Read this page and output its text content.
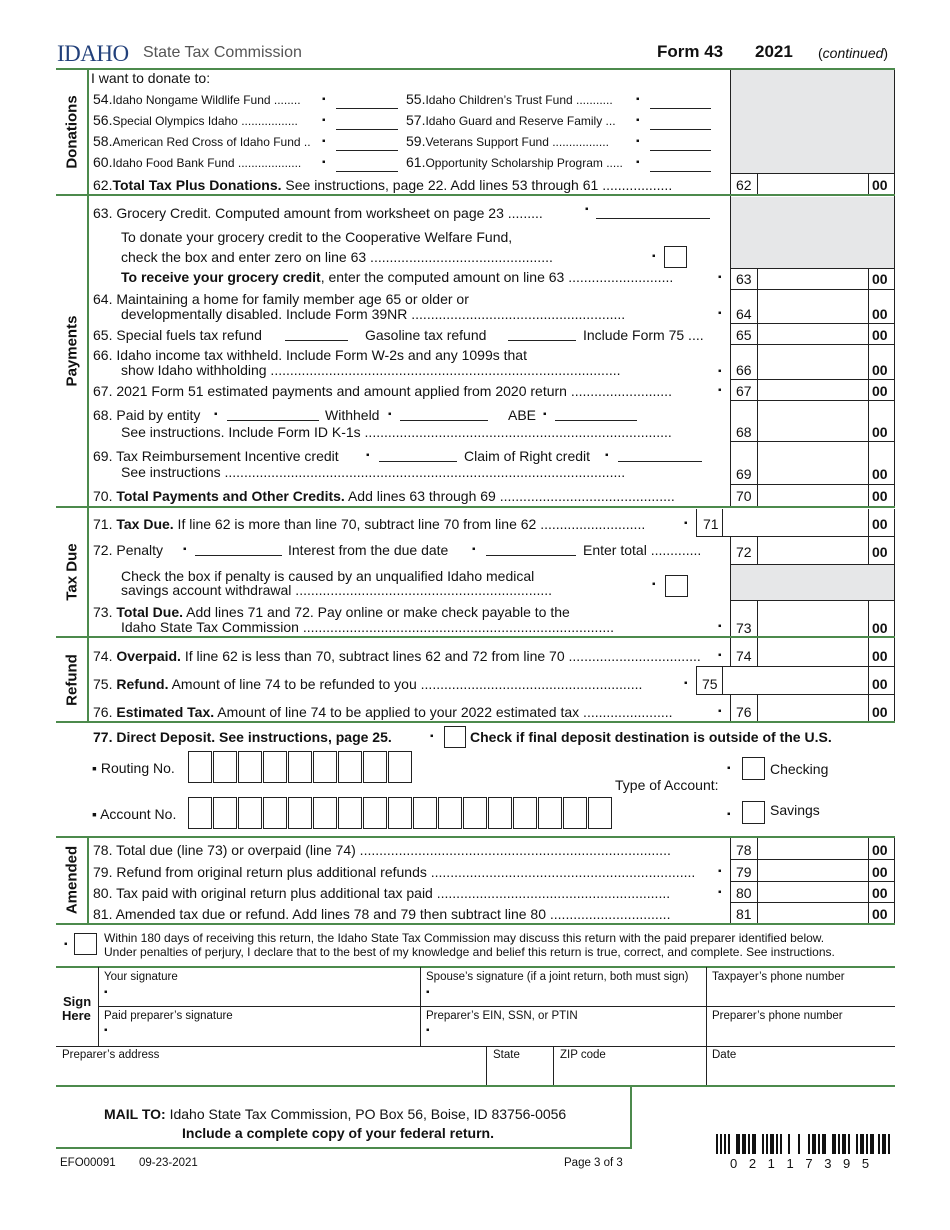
IDAHO State Tax Commission	Form 43 2021 (continued)
Donations
Payments
Tax Due
Refund
Amended
I want to donate to:
54.Idaho Nongame Wildlife Fund ........	55.Idaho Children’s Trust Fund ...........
56.Special Olympics Idaho .................	57.Idaho Guard and Reserve Family ...
58.American Red Cross of Idaho Fund ..	59.Veterans Support Fund .................
60.Idaho Food Bank Fund ...................	61.Opportunity Scholarship Program .....
▪	▪
▪	▪
▪	▪
▪	▪
62.Total Tax Plus Donations. See instructions, page 22. Add lines 53 through 61 ..................	62	00
63. Grocery Credit. Computed amount from worksheet on page 23 .........	▪
To donate your grocery credit to the Cooperative Welfare Fund,
check the box and enter zero on line 63 ...............................................	▪
To receive your grocery credit, enter the computed amount on line 63 ...........................	▪ 63	00
64. Maintaining a home for family member age 65 or older or
developmentally disabled. Include Form 39NR .......................................................	▪ 64	00
65. Special fuels tax refund	Gasoline tax refund	Include Form 75 .... 65	00
66. Idaho income tax withheld. Include Form W-2s and any 1099s that
show Idaho withholding ..........................................................................................	▪ 66	00
67. 2021 Form 51 estimated payments and amount applied from 2020 return ..........................	▪ 67	00
68. Paid by entity ▪	Withheld ▪	ABE ▪
See instructions. Include Form ID K-1s ...............................................................................	68	00
69. Tax Reimbursement Incentive credit	▪	Claim of Right credit ▪
See instructions .......................................................................................................	69	00
70. Total Payments and Other Credits. Add lines 63 through 69 .............................................	70	00
71. Tax Due. If line 62 is more than line 70, subtract line 70 from line 62 ...........................	▪ 71	00
72. Penalty ▪	Interest from the due date ▪	Enter total ............. 72	00
Check the box if penalty is caused by an unqualified Idaho medical
savings account withdrawal ..................................................................	▪
73. Total Due. Add lines 71 and 72. Pay online or make check payable to the
Idaho State Tax Commission ................................................................................	▪ 73	00
74. Overpaid. If line 62 is less than 70, subtract lines 62 and 72 from line 70 .................................. ▪ 74	00
75. Refund. Amount of line 74 to be refunded to you .........................................................	▪ 75	00
76. Estimated Tax. Amount of line 74 to be applied to your 2022 estimated tax .......................	▪ 76	00
77. Direct Deposit. See instructions, page 25.	▪	Check if final deposit destination is outside of the U.S.
▪ Routing No.
Type of Account:
▪	Checking
▪ Account No.	▪	Savings
78. Total due (line 73) or overpaid (line 74) ................................................................................	78	00
79. Refund from original return plus additional refunds .................................................................... ▪ 79	00
80. Tax paid with original return plus additional tax paid ............................................................	▪ 80	00
81. Amended tax due or refund. Add lines 78 and 79 then subtract line 80 ...............................	81	00
▪	Within 180 days of receiving this return, the Idaho State Tax Commission may discuss this return with the paid preparer identified below.
Under penalties of perjury, I declare that to the best of my knowledge and belief this return is true, correct, and complete. See instructions.
Sign
Here
Your signature
▪
Spouse’s signature (if a joint return, both must sign)
▪
Taxpayer’s phone number
Paid preparer’s signature
▪
Preparer’s EIN, SSN, or PTIN
▪
Preparer’s phone number
Preparer’s address	State	ZIP code	Date
MAIL TO: Idaho State Tax Commission, PO Box 56, Boise, ID 83756-0056
Include a complete copy of your federal return.
EFO00091 09-23-2021	Page 3 of 3	0 2 1 1 7 3 9 5
